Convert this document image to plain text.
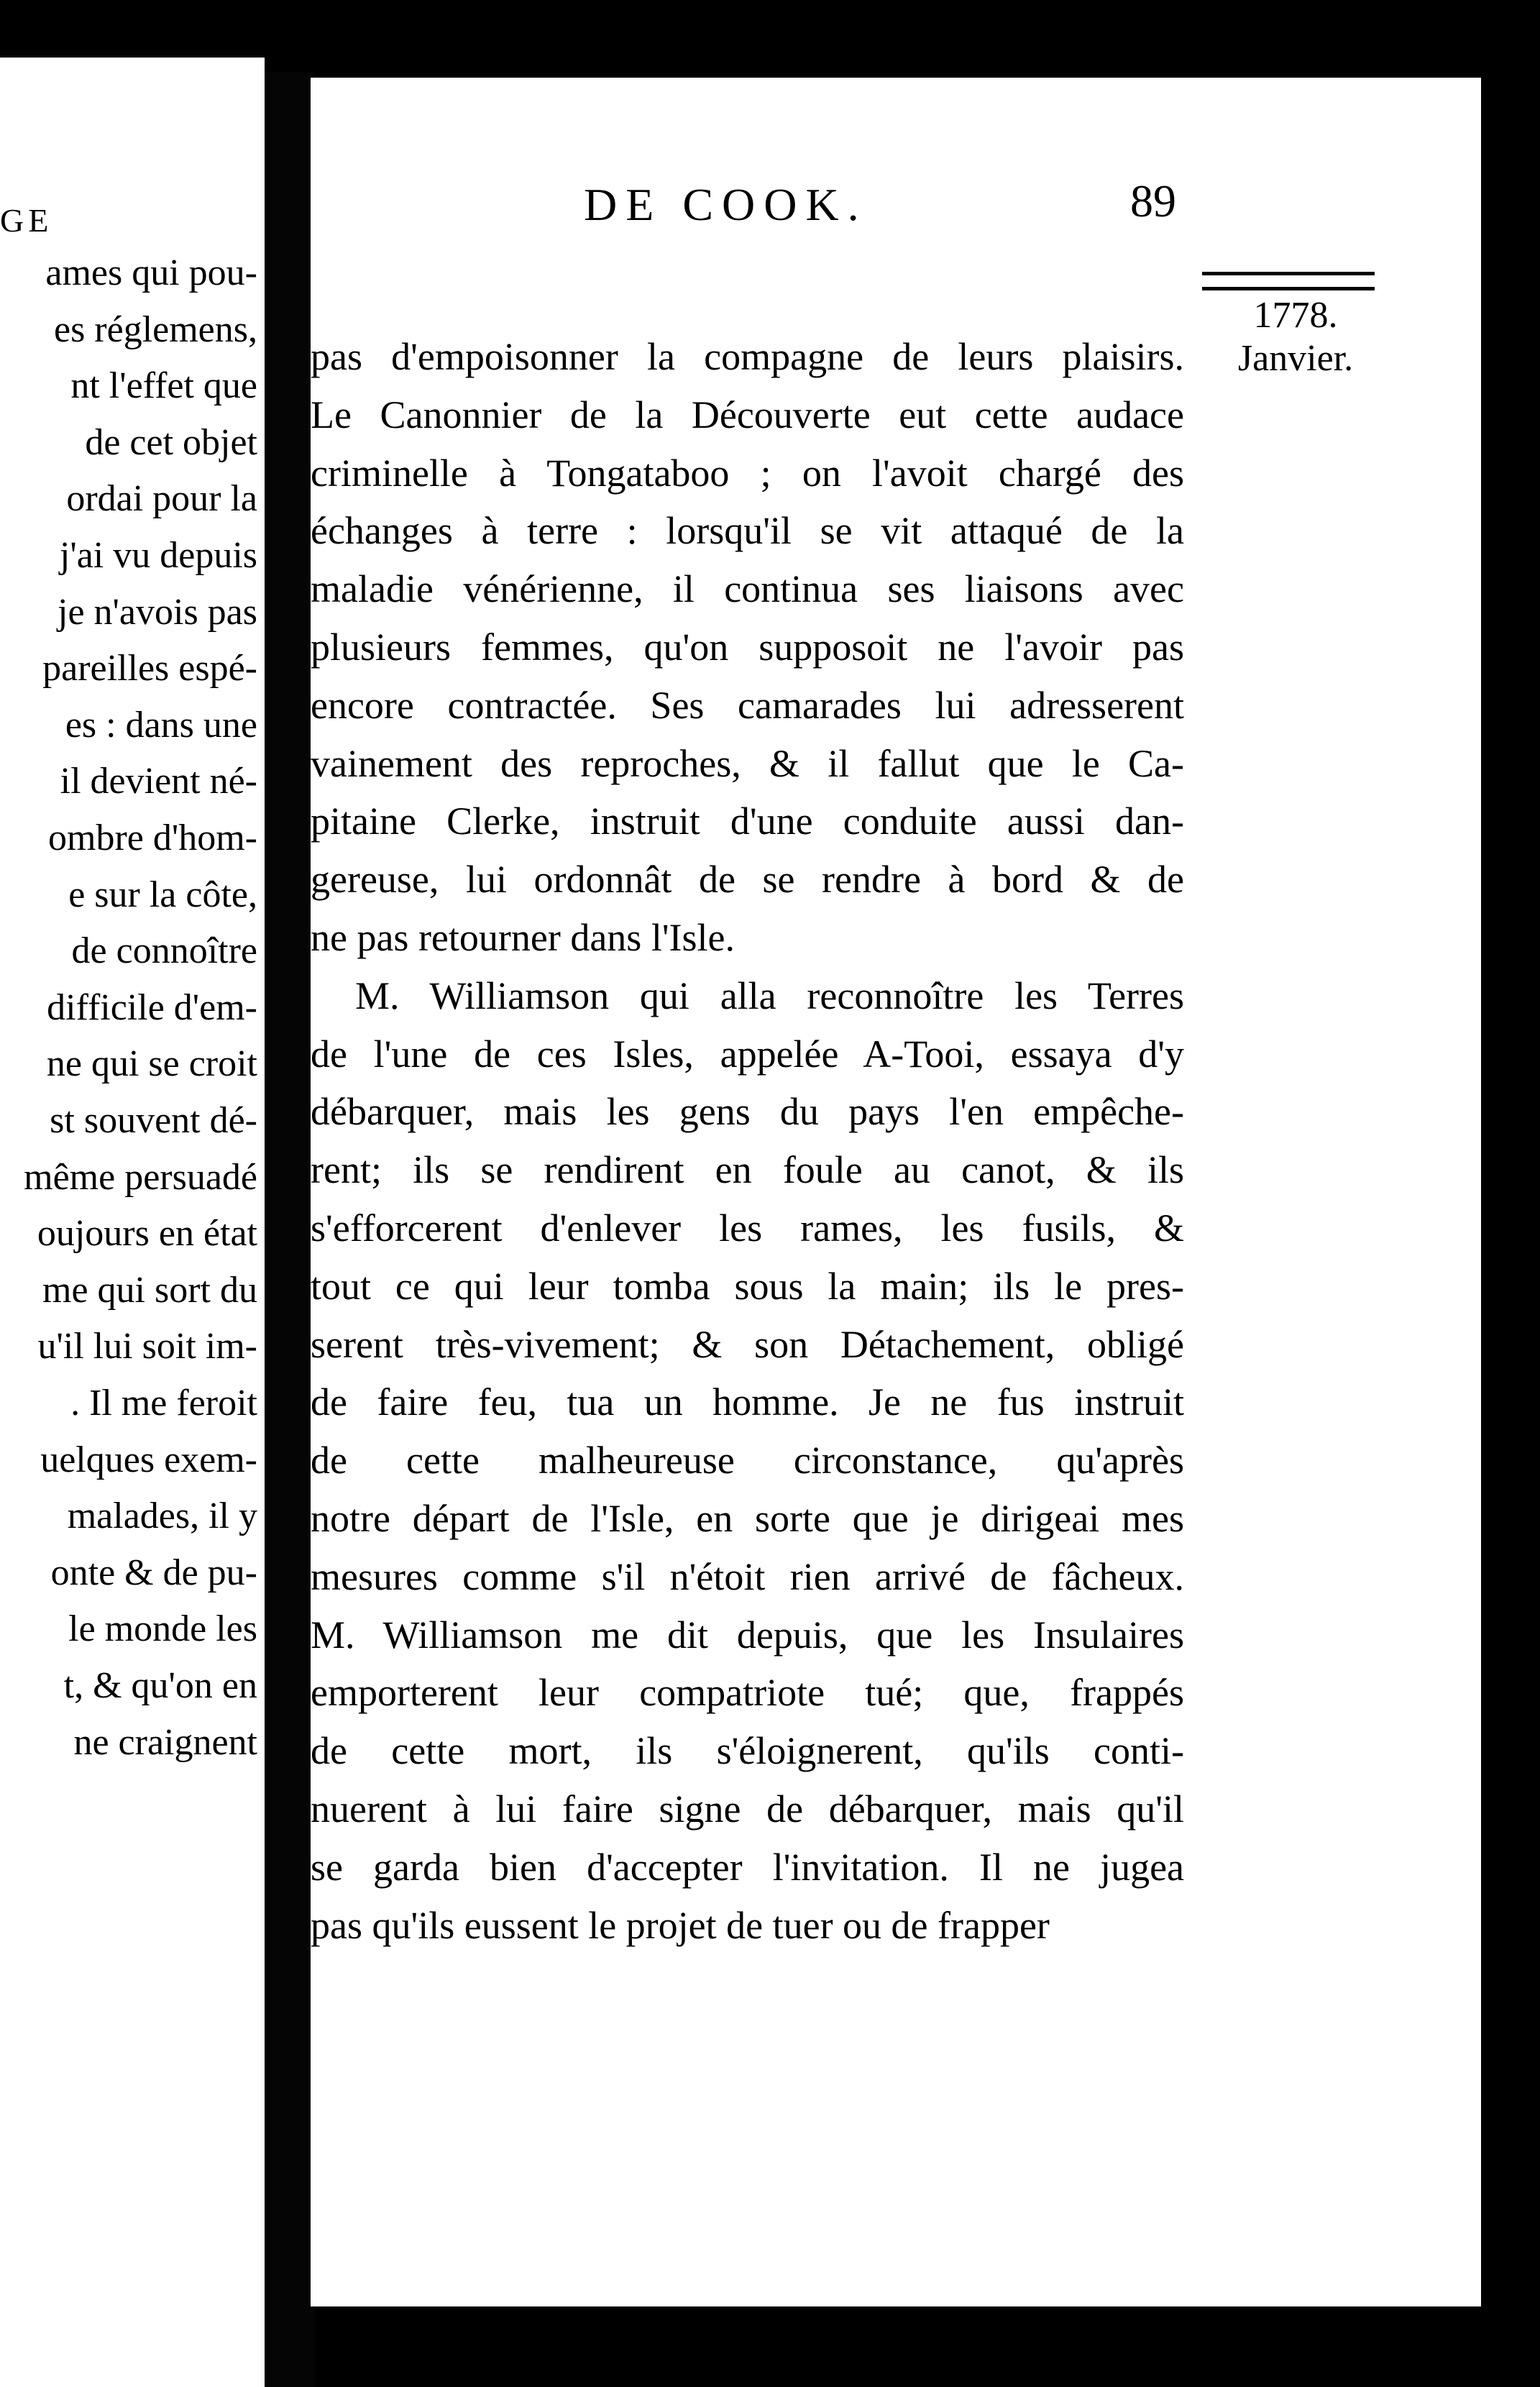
GE
ames qui pou-
es réglemens,
nt l'effet que
de cet objet
ordai pour la
j'ai vu depuis
je n'avois pas
pareilles espé-
es : dans une
il devient né-
ombre d'hom-
e sur la côte,
de connoître
difficile d'em-
ne qui se croit
st souvent dé-
même persuadé
oujours en état
me qui sort du
u'il lui soit im-
. Il me feroit
uelques exem-
malades, il y
onte & de pu-
le monde les
t, & qu'on en
ne craignent
DE COOK.	89
1778.
Janvier.
pas d'empoisonner la compagne de leurs plaisirs.
Le Canonnier de la Découverte eut cette audace
criminelle à Tongataboo ; on l'avoit chargé des
échanges à terre : lorsqu'il se vit attaqué de la
maladie vénérienne, il continua ses liaisons avec
plusieurs femmes, qu'on supposoit ne l'avoir pas
encore contractée. Ses camarades lui adresserent
vainement des reproches, & il fallut que le Ca-
pitaine Clerke, instruit d'une conduite aussi dan-
gereuse, lui ordonnât de se rendre à bord & de
ne pas retourner dans l'Isle.
M. Williamson qui alla reconnoître les Terres
de l'une de ces Isles, appelée A-Tooi, essaya d'y
débarquer, mais les gens du pays l'en empêche-
rent; ils se rendirent en foule au canot, & ils
s'efforcerent d'enlever les rames, les fusils, &
tout ce qui leur tomba sous la main; ils le pres-
serent très-vivement; & son Détachement, obligé
de faire feu, tua un homme. Je ne fus instruit
de cette malheureuse circonstance, qu'après
notre départ de l'Isle, en sorte que je dirigeai mes
mesures comme s'il n'étoit rien arrivé de fâcheux.
M. Williamson me dit depuis, que les Insulaires
emporterent leur compatriote tué; que, frappés
de cette mort, ils s'éloignerent, qu'ils conti-
nuerent à lui faire signe de débarquer, mais qu'il
se garda bien d'accepter l'invitation. Il ne jugea
pas qu'ils eussent le projet de tuer ou de frapper
